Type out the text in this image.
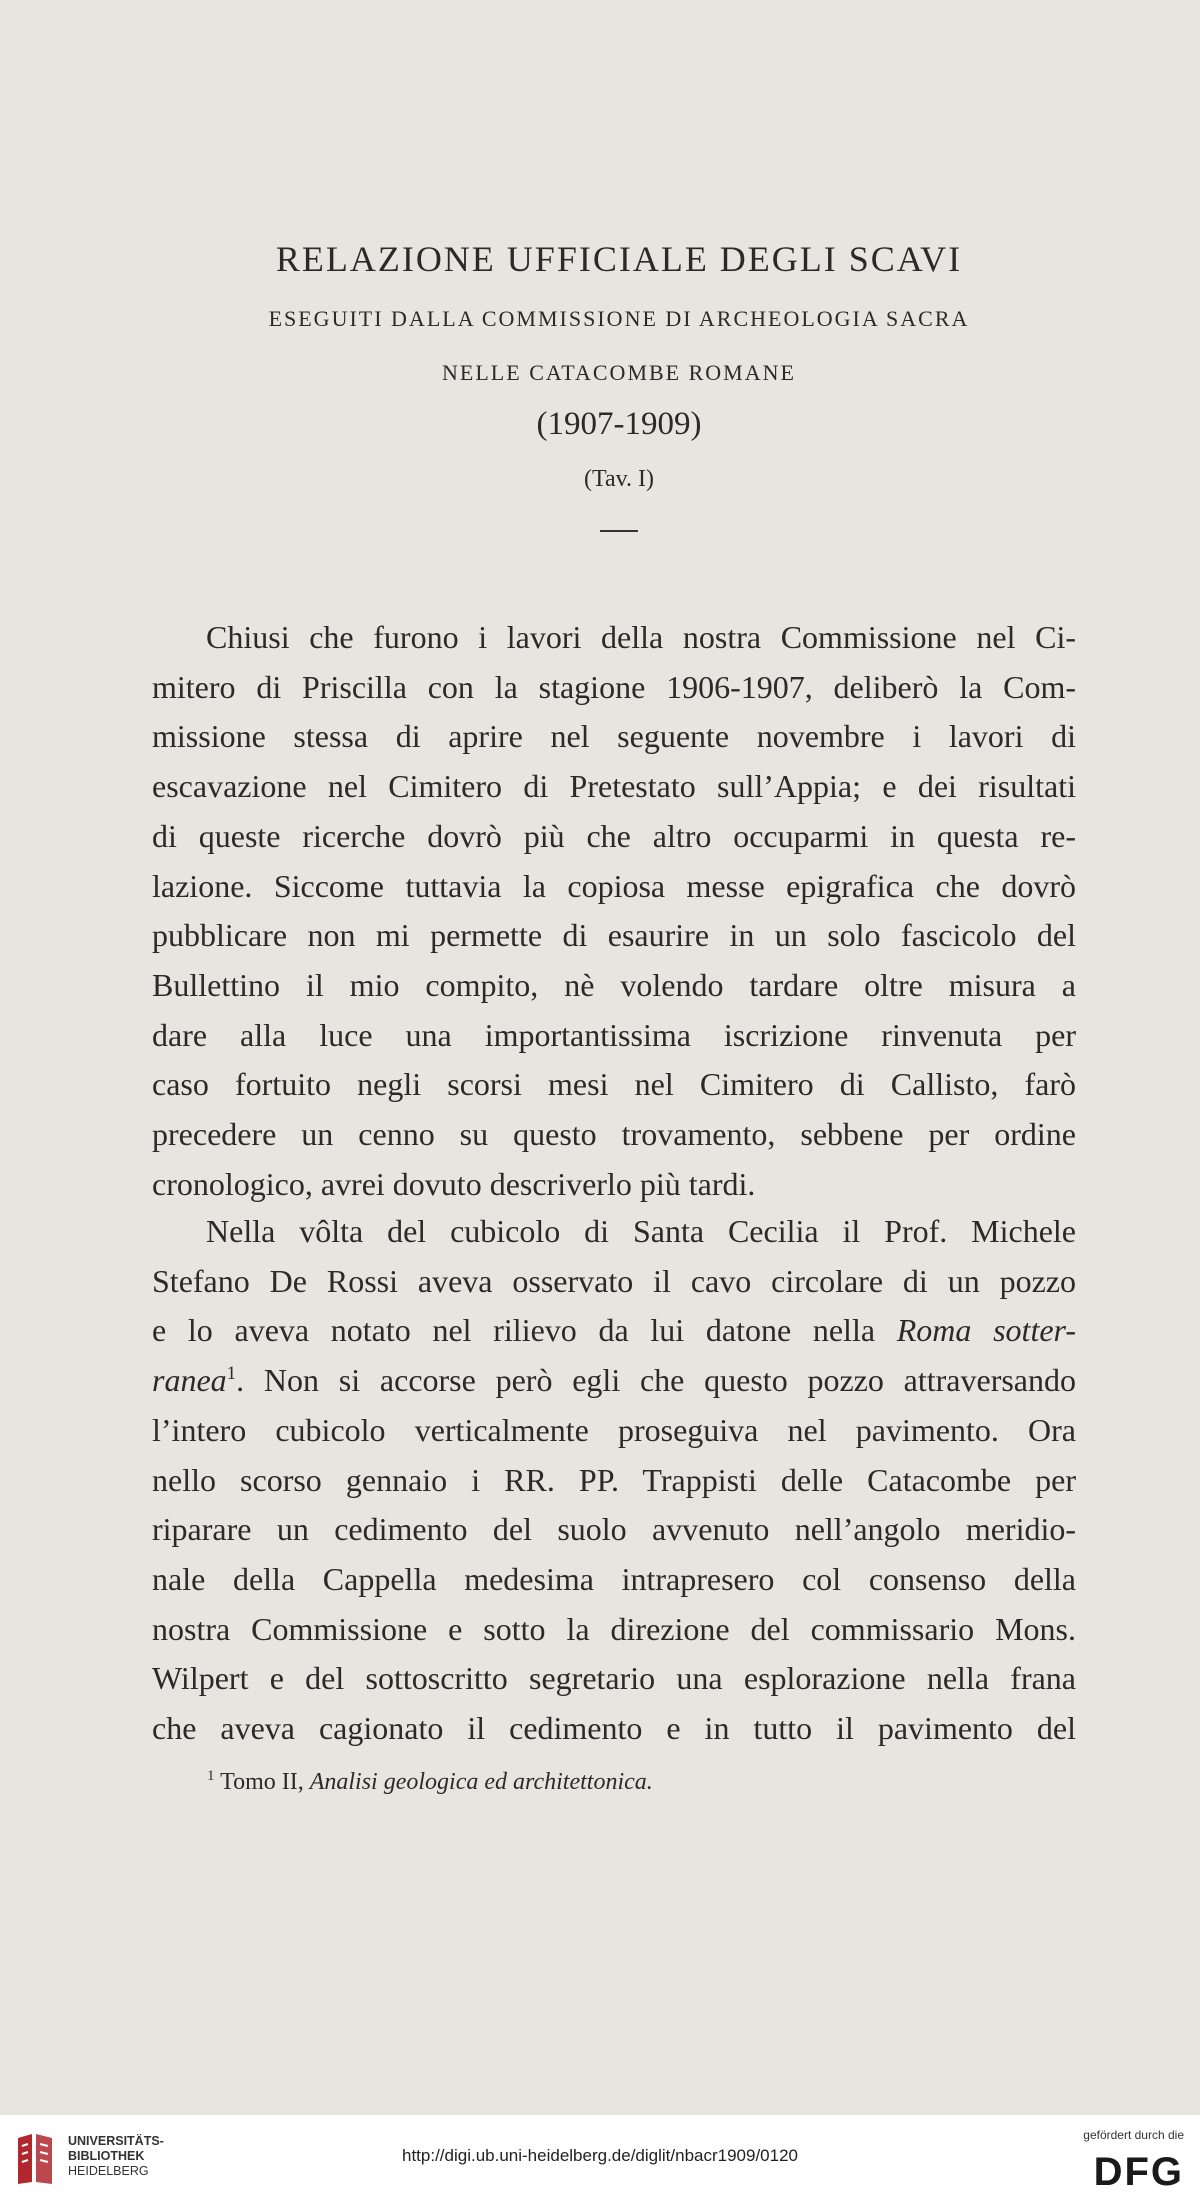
RELAZIONE UFFICIALE DEGLI SCAVI
ESEGUITI DALLA COMMISSIONE DI ARCHEOLOGIA SACRA
NELLE CATACOMBE ROMANE
(1907-1909)
(Tav. I)
Chiusi che furono i lavori della nostra Commissione nel Ci-
mitero di Priscilla con la stagione 1906-1907, deliberò la Com-
missione stessa di aprire nel seguente novembre i lavori di
escavazione nel Cimitero di Pretestato sull’Appia; e dei risultati
di queste ricerche dovrò più che altro occuparmi in questa re-
lazione. Siccome tuttavia la copiosa messe epigrafica che dovrò
pubblicare non mi permette di esaurire in un solo fascicolo del
Bullettino il mio compito, nè volendo tardare oltre misura a
dare alla luce una importantissima iscrizione rinvenuta per
caso fortuito negli scorsi mesi nel Cimitero di Callisto, farò
precedere un cenno su questo trovamento, sebbene per ordine
cronologico, avrei dovuto descriverlo più tardi.
Nella vôlta del cubicolo di Santa Cecilia il Prof. Michele
Stefano De Rossi aveva osservato il cavo circolare di un pozzo
e lo aveva notato nel rilievo da lui datone nella Roma sotter-
ranea$^1$. Non si accorse però egli che questo pozzo attraversando
l’intero cubicolo verticalmente proseguiva nel pavimento. Ora
nello scorso gennaio i RR. PP. Trappisti delle Catacombe per
riparare un cedimento del suolo avvenuto nell’angolo meridio-
nale della Cappella medesima intrapresero col consenso della
nostra Commissione e sotto la direzione del commissario Mons.
Wilpert e del sottoscritto segretario una esplorazione nella frana
che aveva cagionato il cedimento e in tutto il pavimento del
$^1$ Tomo II, Analisi geologica ed architettonica.
UNIVERSITÄTS-
BIBLIOTHEK
HEIDELBERG
http://digi.ub.uni-heidelberg.de/diglit/nbacr1909/0120
gefördert durch die
DFG
